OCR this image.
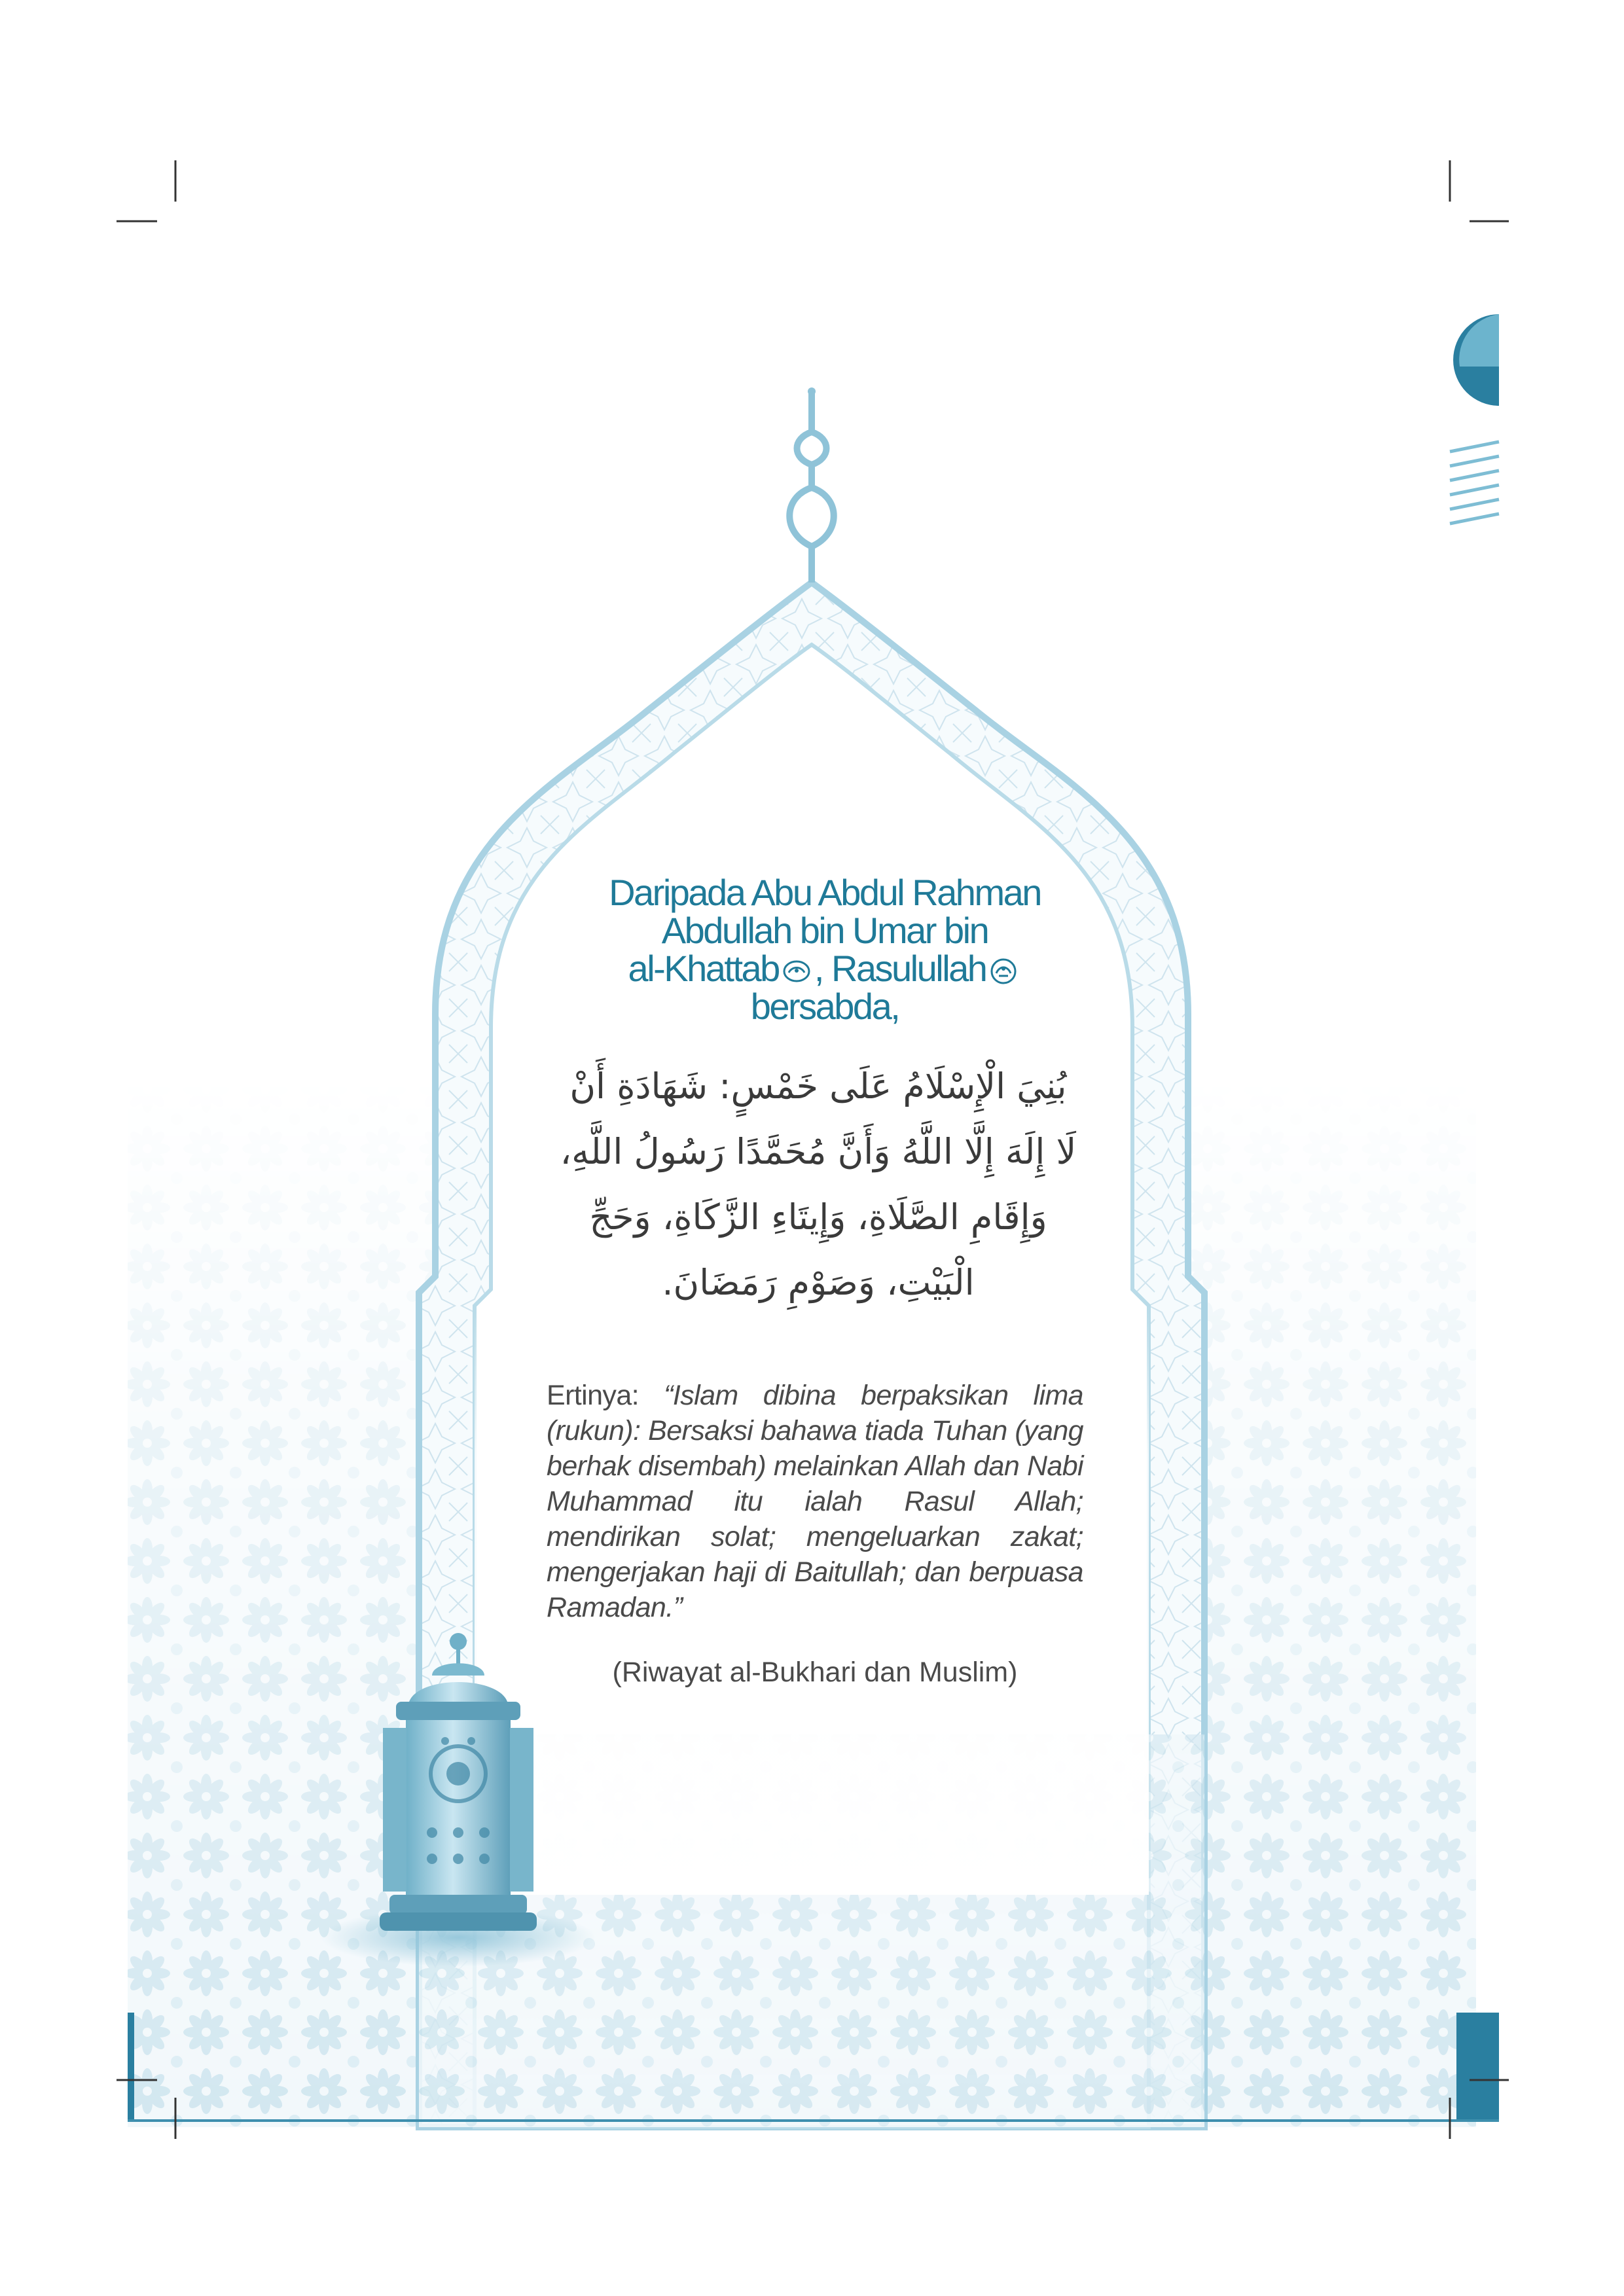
Daripada Abu Abdul Rahman
Abdullah bin Umar bin
al-Khattab , Rasulullah
bersabda,
بُنِيَ الْإِسْلَامُ عَلَى خَمْسٍ: شَهَادَةِ أَنْ
لَا إِلَهَ إِلَّا اللَّهُ وَأَنَّ مُحَمَّدًا رَسُولُ اللَّهِ،
وَإِقَامِ الصَّلَاةِ، وَإِيتَاءِ الزَّكَاةِ، وَحَجِّ
الْبَيْتِ، وَصَوْمِ رَمَضَانَ.
Ertinya: “Islam dibina berpaksikan lima (rukun): Bersaksi bahawa tiada Tuhan (yang berhak disembah) melainkan Allah dan Nabi Muhammad itu ialah Rasul Allah; mendirikan solat; mengeluarkan zakat; mengerjakan haji di Baitullah; dan berpuasa Ramadan.”
(Riwayat al-Bukhari dan Muslim)
